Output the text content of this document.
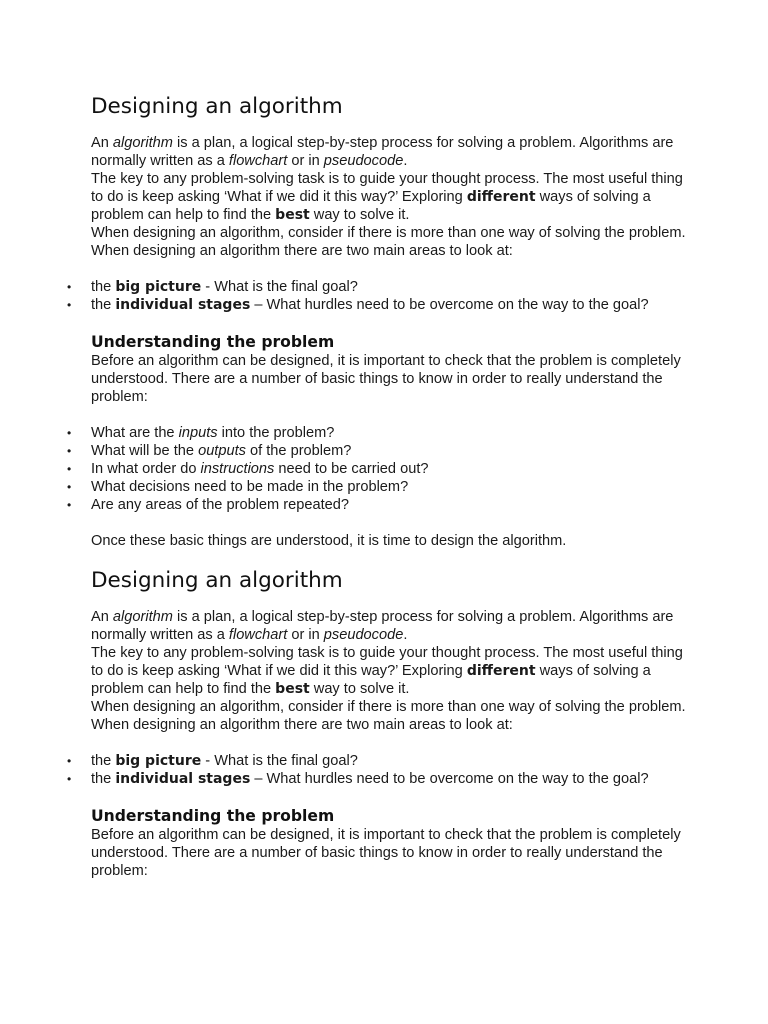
Designing an algorithm

An algorithm is a plan, a logical step-by-step process for solving a problem. Algorithms are normally written as a flowchart or in pseudocode.

The key to any problem-solving task is to guide your thought process. The most useful thing to do is keep asking ‘What if we did it this way?’ Exploring different ways of solving a problem can help to find the best way to solve it.

When designing an algorithm, consider if there is more than one way of solving the problem.

When designing an algorithm there are two main areas to look at:

• the big picture - What is the final goal?
• the individual stages – What hurdles need to be overcome on the way to the goal?
Understanding the problem

Before an algorithm can be designed, it is important to check that the problem is completely understood. There are a number of basic things to know in order to really understand the problem:

• What are the inputs into the problem?
• What will be the outputs of the problem?
• In what order do instructions need to be carried out?
• What decisions need to be made in the problem?
• Are any areas of the problem repeated?

Once these basic things are understood, it is time to design the algorithm.

Designing an algorithm

An algorithm is a plan, a logical step-by-step process for solving a problem. Algorithms are normally written as a flowchart or in pseudocode.

The key to any problem-solving task is to guide your thought process. The most useful thing to do is keep asking ‘What if we did it this way?’ Exploring different ways of solving a problem can help to find the best way to solve it.

When designing an algorithm, consider if there is more than one way of solving the problem.

When designing an algorithm there are two main areas to look at:

• the big picture - What is the final goal?
• the individual stages – What hurdles need to be overcome on the way to the goal?
Understanding the problem

Before an algorithm can be designed, it is important to check that the problem is completely understood. There are a number of basic things to know in order to really understand the problem:
